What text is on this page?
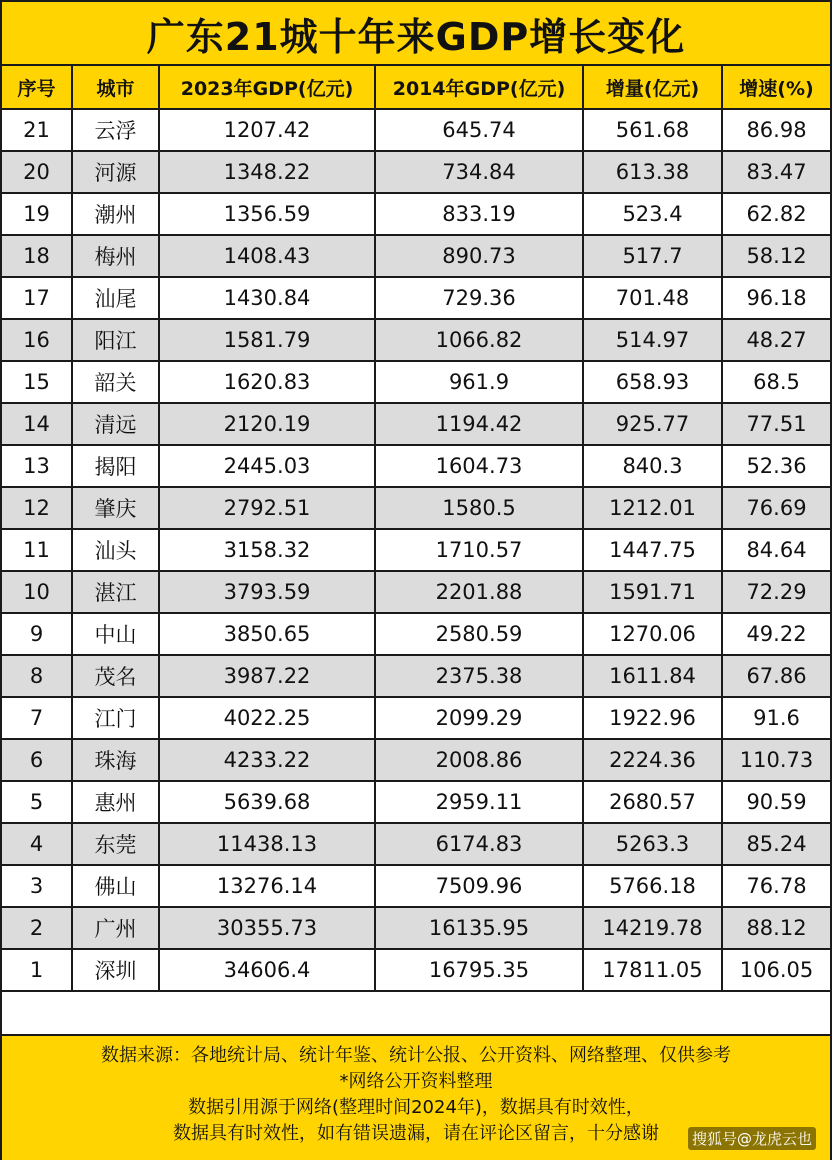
广东21城十年来GDP增长变化
序号	城市	2023年GDP(亿元)	2014年GDP(亿元)	增量(亿元)	增速(%)
21	云浮	1207.42	645.74	561.68	86.98
20	河源	1348.22	734.84	613.38	83.47
19	潮州	1356.59	833.19	523.4	62.82
18	梅州	1408.43	890.73	517.7	58.12
17	汕尾	1430.84	729.36	701.48	96.18
16	阳江	1581.79	1066.82	514.97	48.27
15	韶关	1620.83	961.9	658.93	68.5
14	清远	2120.19	1194.42	925.77	77.51
13	揭阳	2445.03	1604.73	840.3	52.36
12	肇庆	2792.51	1580.5	1212.01	76.69
11	汕头	3158.32	1710.57	1447.75	84.64
10	湛江	3793.59	2201.88	1591.71	72.29
9	中山	3850.65	2580.59	1270.06	49.22
8	茂名	3987.22	2375.38	1611.84	67.86
7	江门	4022.25	2099.29	1922.96	91.6
6	珠海	4233.22	2008.86	2224.36	110.73
5	惠州	5639.68	2959.11	2680.57	90.59
4	东莞	11438.13	6174.83	5263.3	85.24
3	佛山	13276.14	7509.96	5766.18	76.78
2	广州	30355.73	16135.95	14219.78	88.12
1	深圳	34606.4	16795.35	17811.05	106.05
数据来源：各地统计局、统计年鉴、统计公报、公开资料、网络整理、仅供参考
*网络公开资料整理
数据引用源于网络(整理时间2024年)，数据具有时效性，
数据具有时效性，如有错误遗漏，请在评论区留言，十分感谢	搜狐号@龙虎云也
